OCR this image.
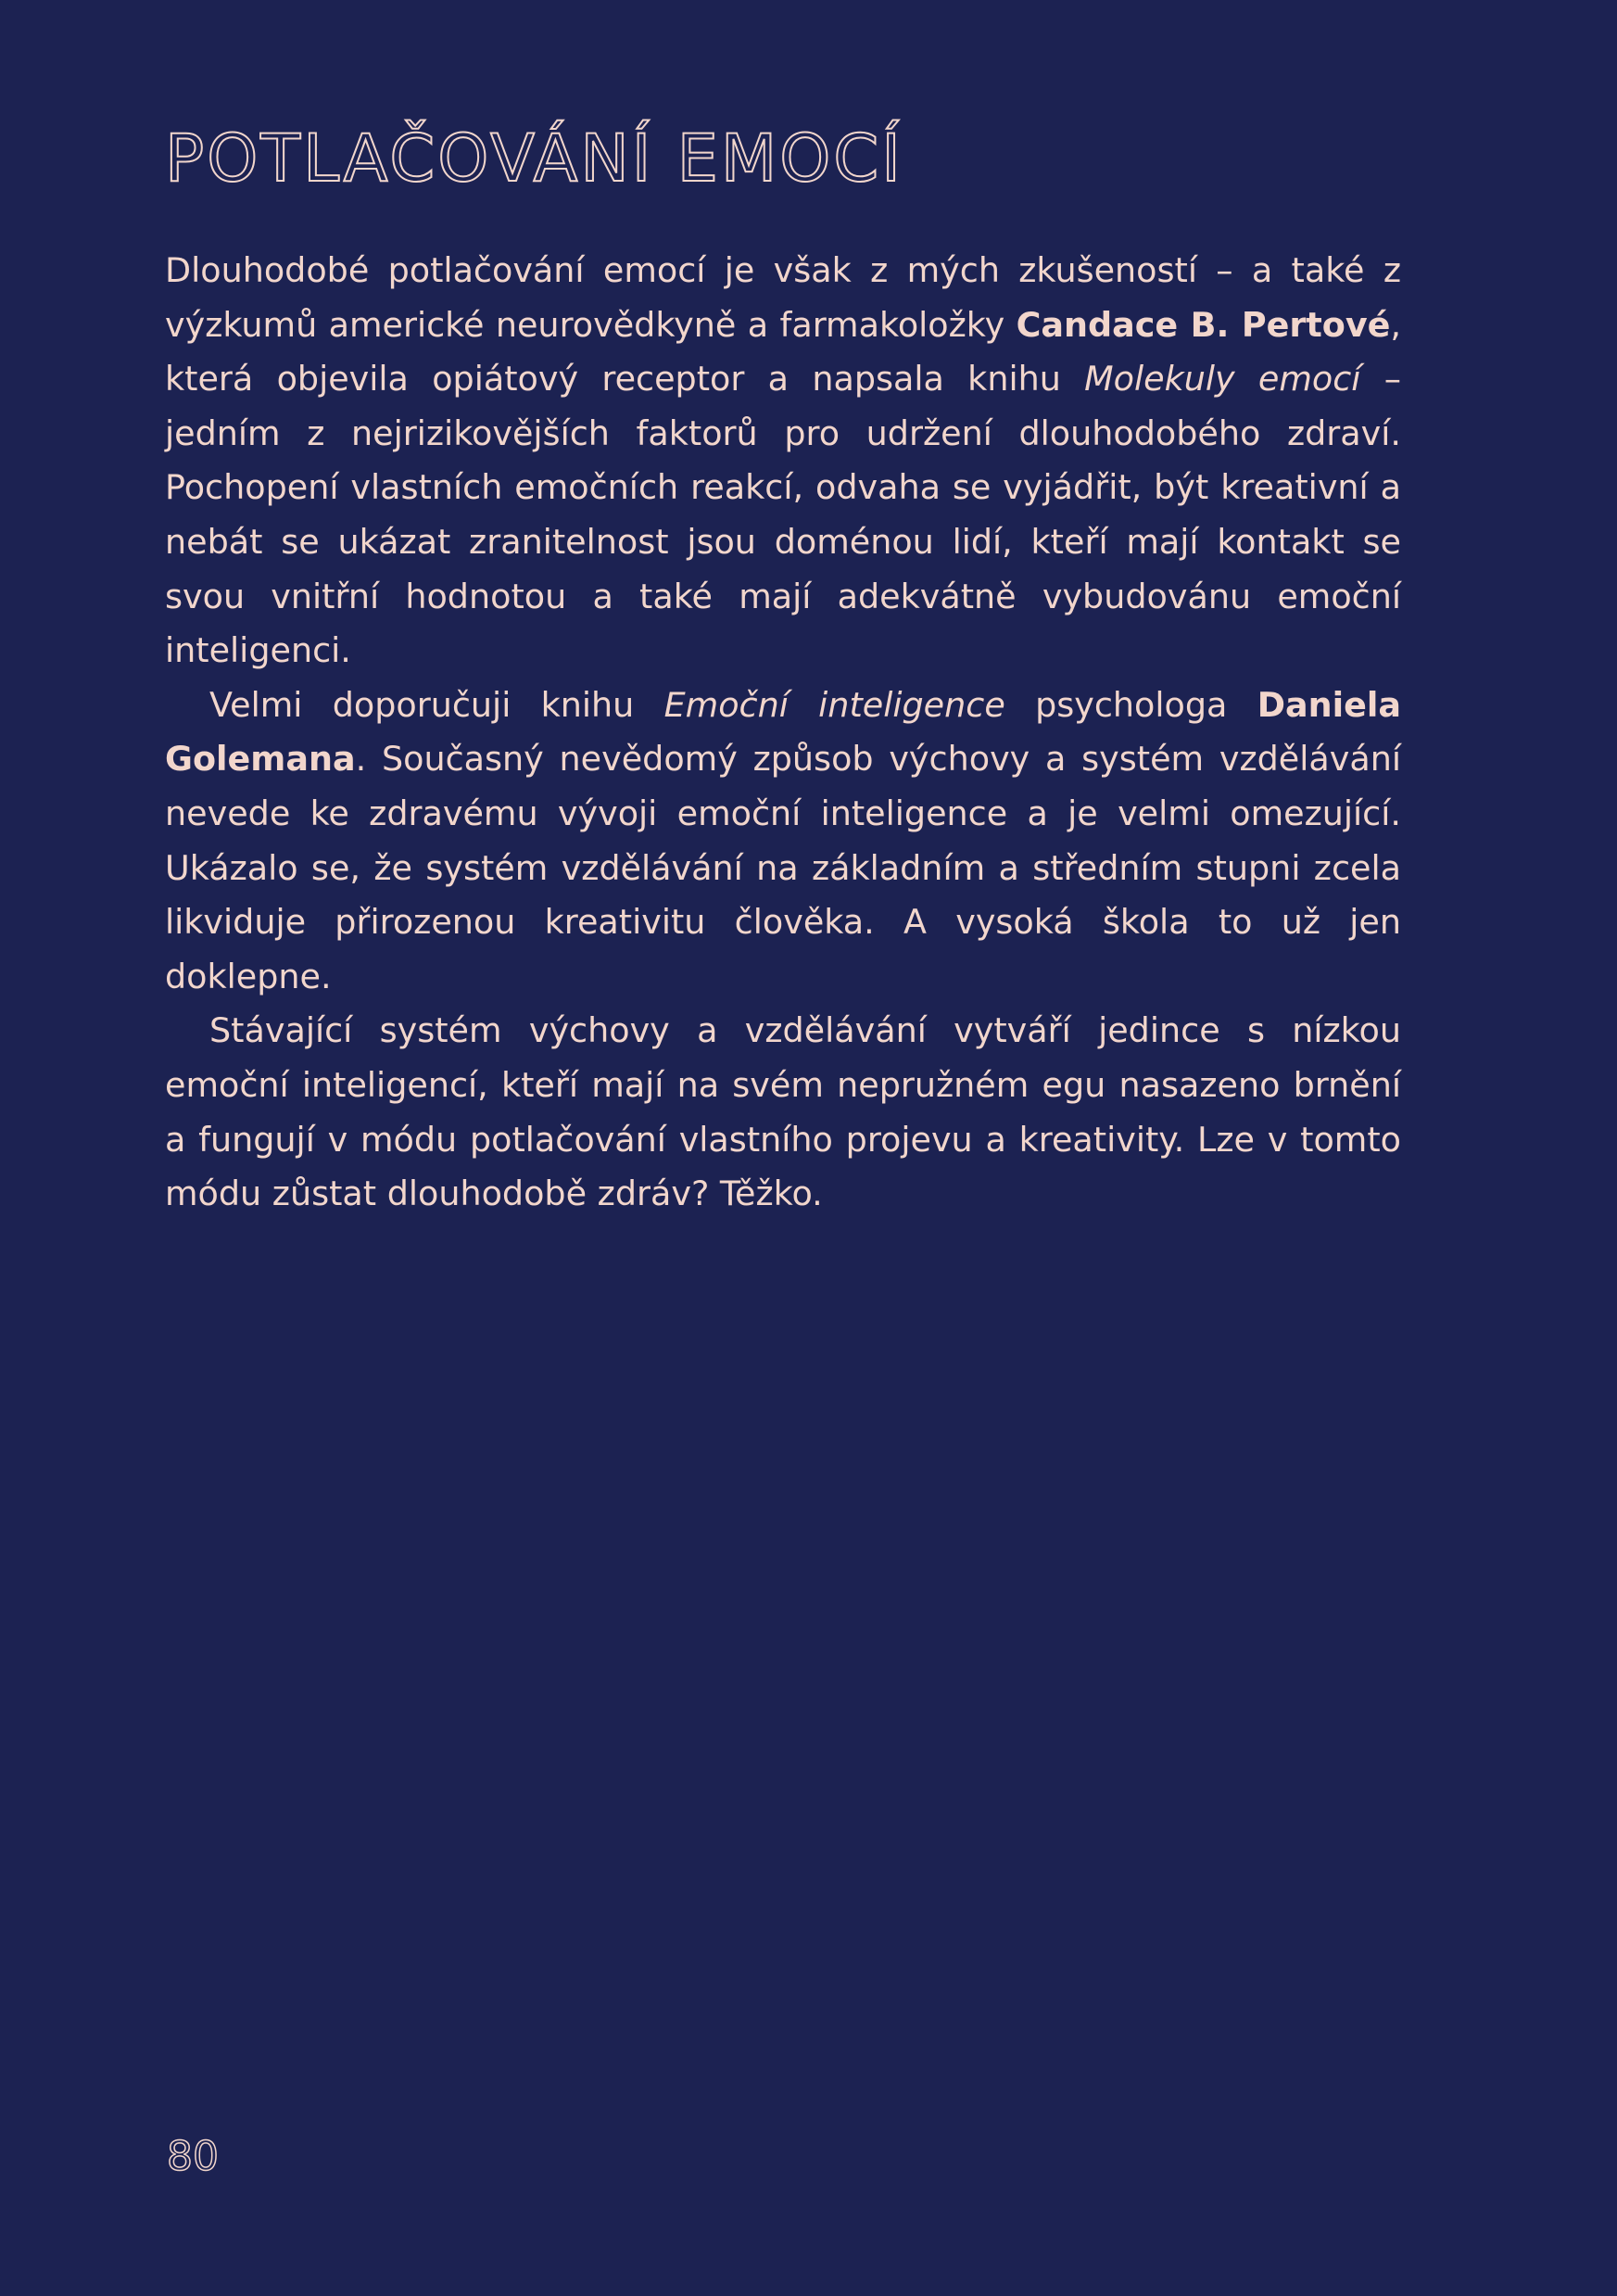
POTLAČOVÁNÍ EMOCÍ

Dlouhodobé potlačování emocí je však z mých zkušeností – a také z výzkumů americké neurovědkyně a farmakoložky Candace B. Pertové, která objevila opiátový receptor a napsala knihu Molekuly emocí – jedním z nejrizikovějších faktorů pro udržení dlouhodobého zdraví. Pochopení vlastních emočních reakcí, odvaha se vyjádřit, být kreativní a nebát se ukázat zranitelnost jsou doménou lidí, kteří mají kontakt se svou vnitřní hodnotou a také mají adekvátně vybudovánu emoční inteligenci.

Velmi doporučuji knihu Emoční inteligence psychologa Daniela Golemana. Současný nevědomý způsob výchovy a systém vzdělávání nevede ke zdravému vývoji emoční inteligence a je velmi omezující. Ukázalo se, že systém vzdělávání na základním a středním stupni zcela likviduje přirozenou kreativitu člověka. A vysoká škola to už jen doklepne.

Stávající systém výchovy a vzdělávání vytváří jedince s nízkou emoční inteligencí, kteří mají na svém nepružném egu nasazeno brnění a fungují v módu potlačování vlastního projevu a kreativity. Lze v tomto módu zůstat dlouhodobě zdráv? Těžko.

80
